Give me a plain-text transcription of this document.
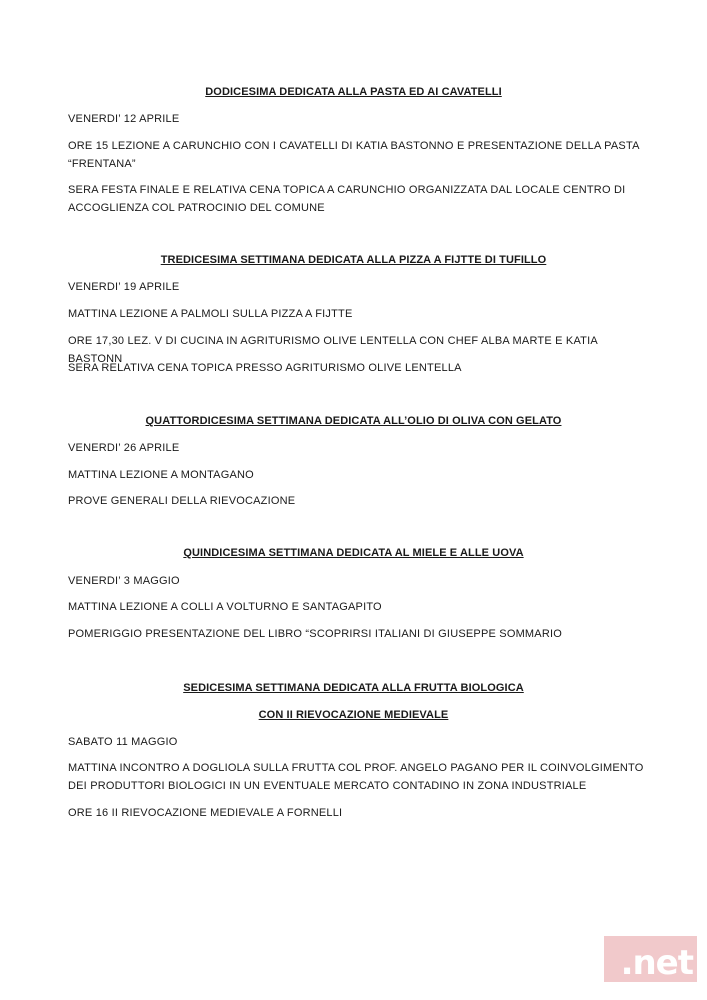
DODICESIMA DEDICATA ALLA PASTA ED AI CAVATELLI
VENERDI’ 12 APRILE
ORE 15 LEZIONE A CARUNCHIO CON I CAVATELLI DI KATIA BASTONNO E PRESENTAZIONE DELLA PASTA “FRENTANA”
SERA FESTA FINALE E RELATIVA CENA TOPICA A CARUNCHIO ORGANIZZATA DAL LOCALE CENTRO DI ACCOGLIENZA COL PATROCINIO DEL COMUNE
TREDICESIMA SETTIMANA DEDICATA ALLA PIZZA A FIJTTE DI TUFILLO
VENERDI’ 19 APRILE
MATTINA LEZIONE A PALMOLI SULLA PIZZA A FIJTTE
ORE 17,30 LEZ. V DI CUCINA IN AGRITURISMO OLIVE LENTELLA CON CHEF ALBA MARTE E KATIA BASTONN
SERA RELATIVA CENA TOPICA PRESSO AGRITURISMO OLIVE LENTELLA
QUATTORDICESIMA SETTIMANA DEDICATA ALL’OLIO DI OLIVA CON GELATO
VENERDI’ 26 APRILE
MATTINA LEZIONE A MONTAGANO
PROVE GENERALI DELLA RIEVOCAZIONE
QUINDICESIMA SETTIMANA DEDICATA AL MIELE E ALLE UOVA
VENERDI’ 3 MAGGIO
MATTINA LEZIONE A COLLI A VOLTURNO E SANTAGAPITO
POMERIGGIO PRESENTAZIONE DEL LIBRO “SCOPRIRSI ITALIANI DI GIUSEPPE SOMMARIO
SEDICESIMA SETTIMANA DEDICATA ALLA FRUTTA BIOLOGICA
CON II RIEVOCAZIONE MEDIEVALE
SABATO 11 MAGGIO
MATTINA INCONTRO A DOGLIOLA SULLA FRUTTA COL PROF. ANGELO PAGANO PER IL COINVOLGIMENTO DEI PRODUTTORI BIOLOGICI IN UN EVENTUALE MERCATO CONTADINO IN ZONA INDUSTRIALE
ORE 16 II RIEVOCAZIONE MEDIEVALE A FORNELLI
.net
